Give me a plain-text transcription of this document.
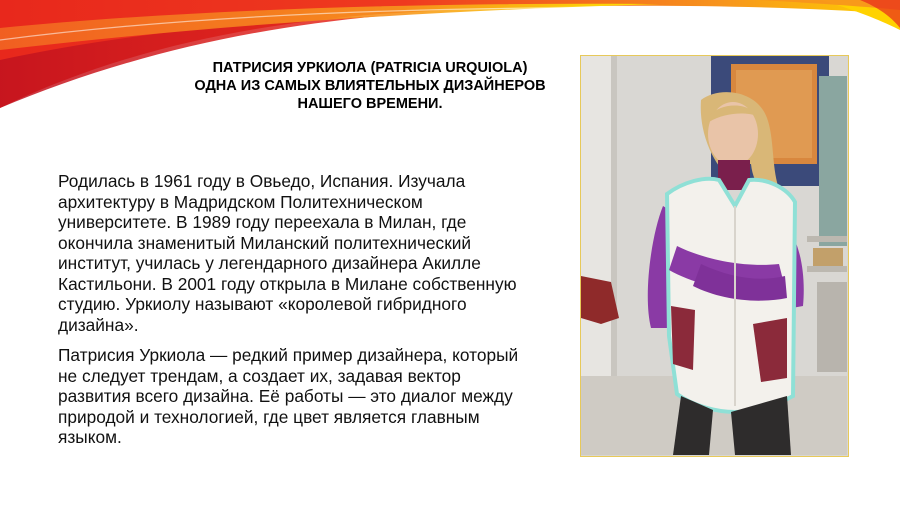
ПАТРИСИЯ УРКИОЛА (PATRICIA URQUIOLA) ОДНА ИЗ САМЫХ ВЛИЯТЕЛЬНЫХ ДИЗАЙНЕРОВ НАШЕГО ВРЕМЕНИ.

Родилась в 1961 году в Овьедо, Испания. Изучала архитектуру в Мадридском Политехническом университете. В 1989 году переехала в Милан, где окончила знаменитый Миланский политехнический институт, училась у легендарного дизайнера Акилле Кастильони. В 2001 году открыла в Милане собственную студию. Уркиолу называют «королевой гибридного дизайна».

Патрисия Уркиола — редкий пример дизайнера, который не следует трендам, а создает их, задавая вектор развития всего дизайна. Её работы — это диалог между природой и технологией, где цвет является главным языком.
